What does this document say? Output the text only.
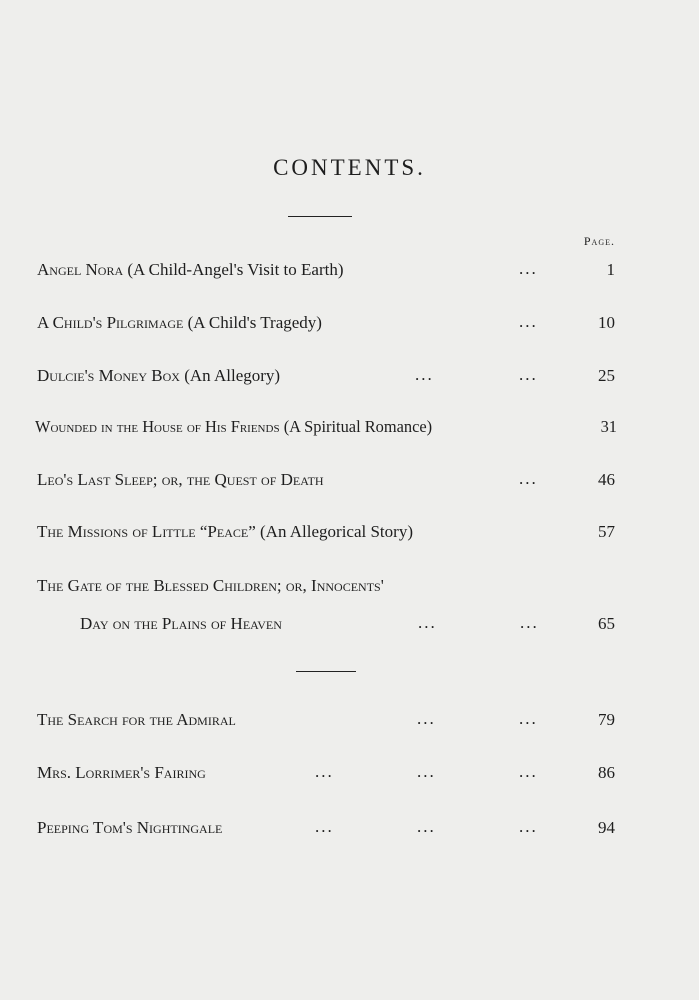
CONTENTS.
Page.
Angel Nora (A Child-Angel's Visit to Earth)	...	1
A Child's Pilgrimage (A Child's Tragedy)	...	10
Dulcie's Money Box (An Allegory)	...	...	25
Wounded in the House of His Friends (A Spiritual Romance)	31
Leo's Last Sleep; or, the Quest of Death	...	46
The Missions of Little “Peace” (An Allegorical Story)	57
The Gate of the Blessed Children; or, Innocents'
Day on the Plains of Heaven	...	...	65
The Search for the Admiral	...	...	79
Mrs. Lorrimer's Fairing	...	...	...	86
Peeping Tom's Nightingale	...	...	...	94
